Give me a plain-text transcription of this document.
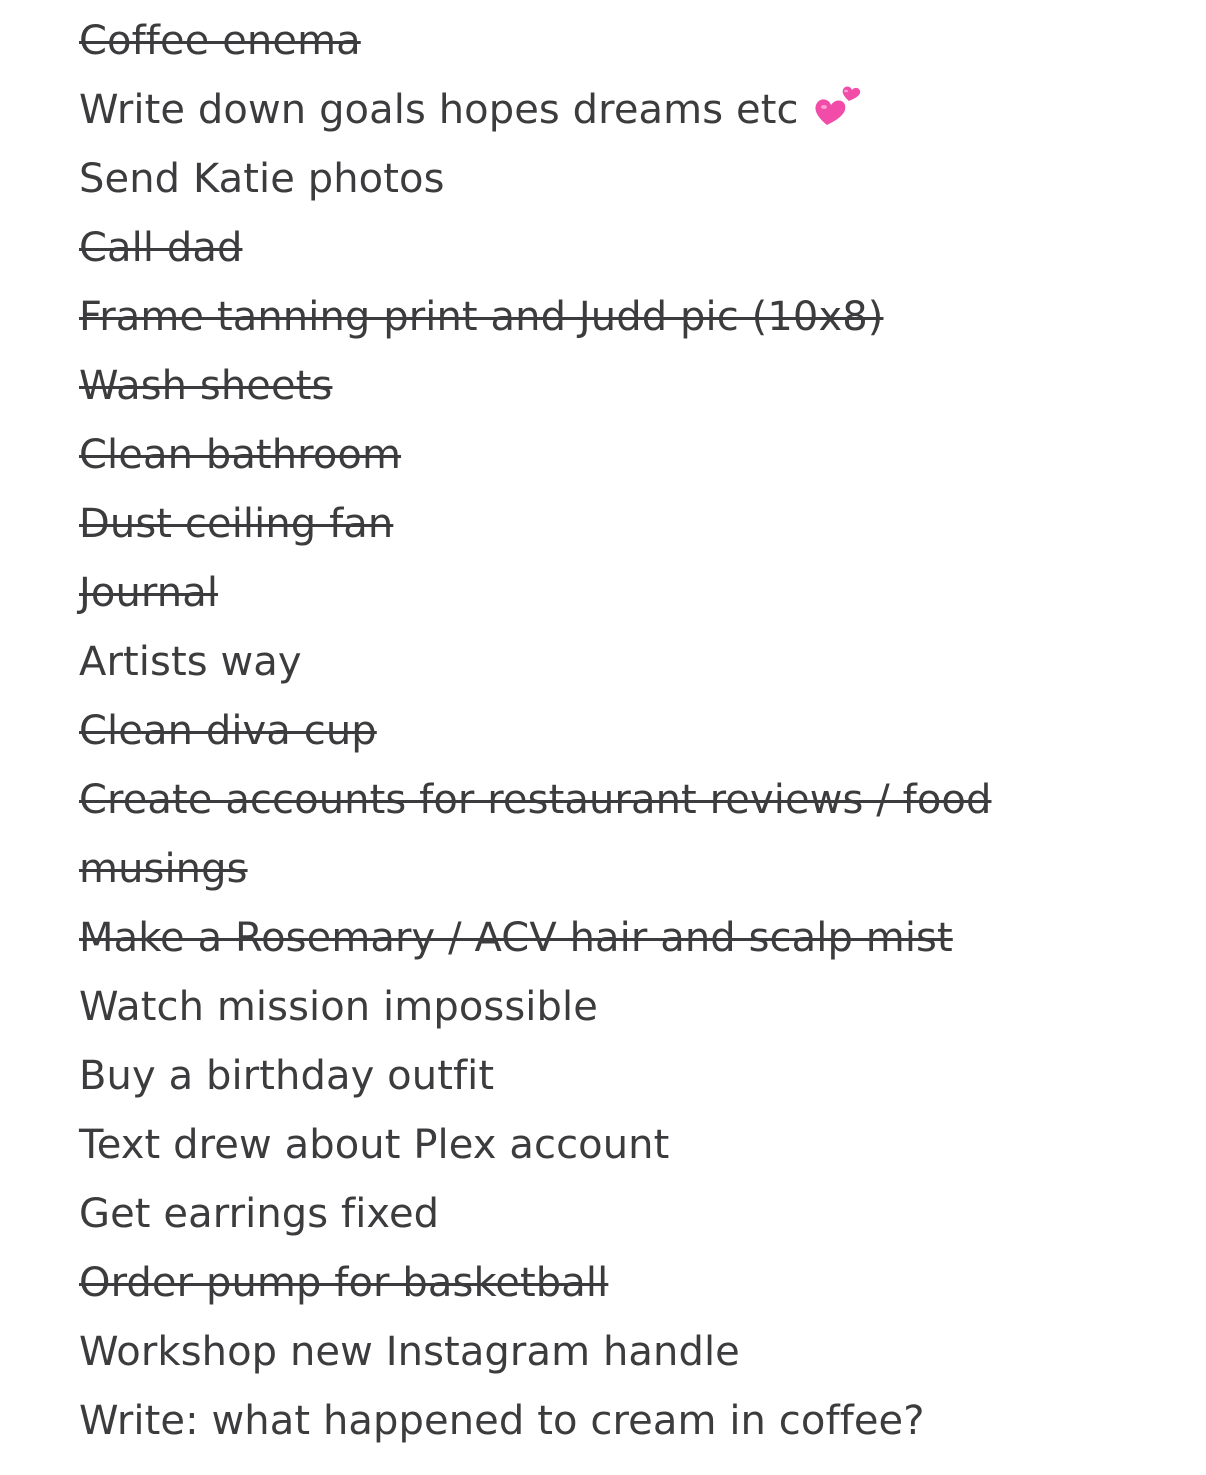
Coffee enema
Write down goals hopes dreams etc
Send Katie photos
Call dad
Frame tanning print and Judd pic (10x8)
Wash sheets
Clean bathroom
Dust ceiling fan
Journal
Artists way
Clean diva cup
Create accounts for restaurant reviews / food
musings
Make a Rosemary / ACV hair and scalp mist
Watch mission impossible
Buy a birthday outfit
Text drew about Plex account
Get earrings fixed
Order pump for basketball
Workshop new Instagram handle
Write: what happened to cream in coffee?
